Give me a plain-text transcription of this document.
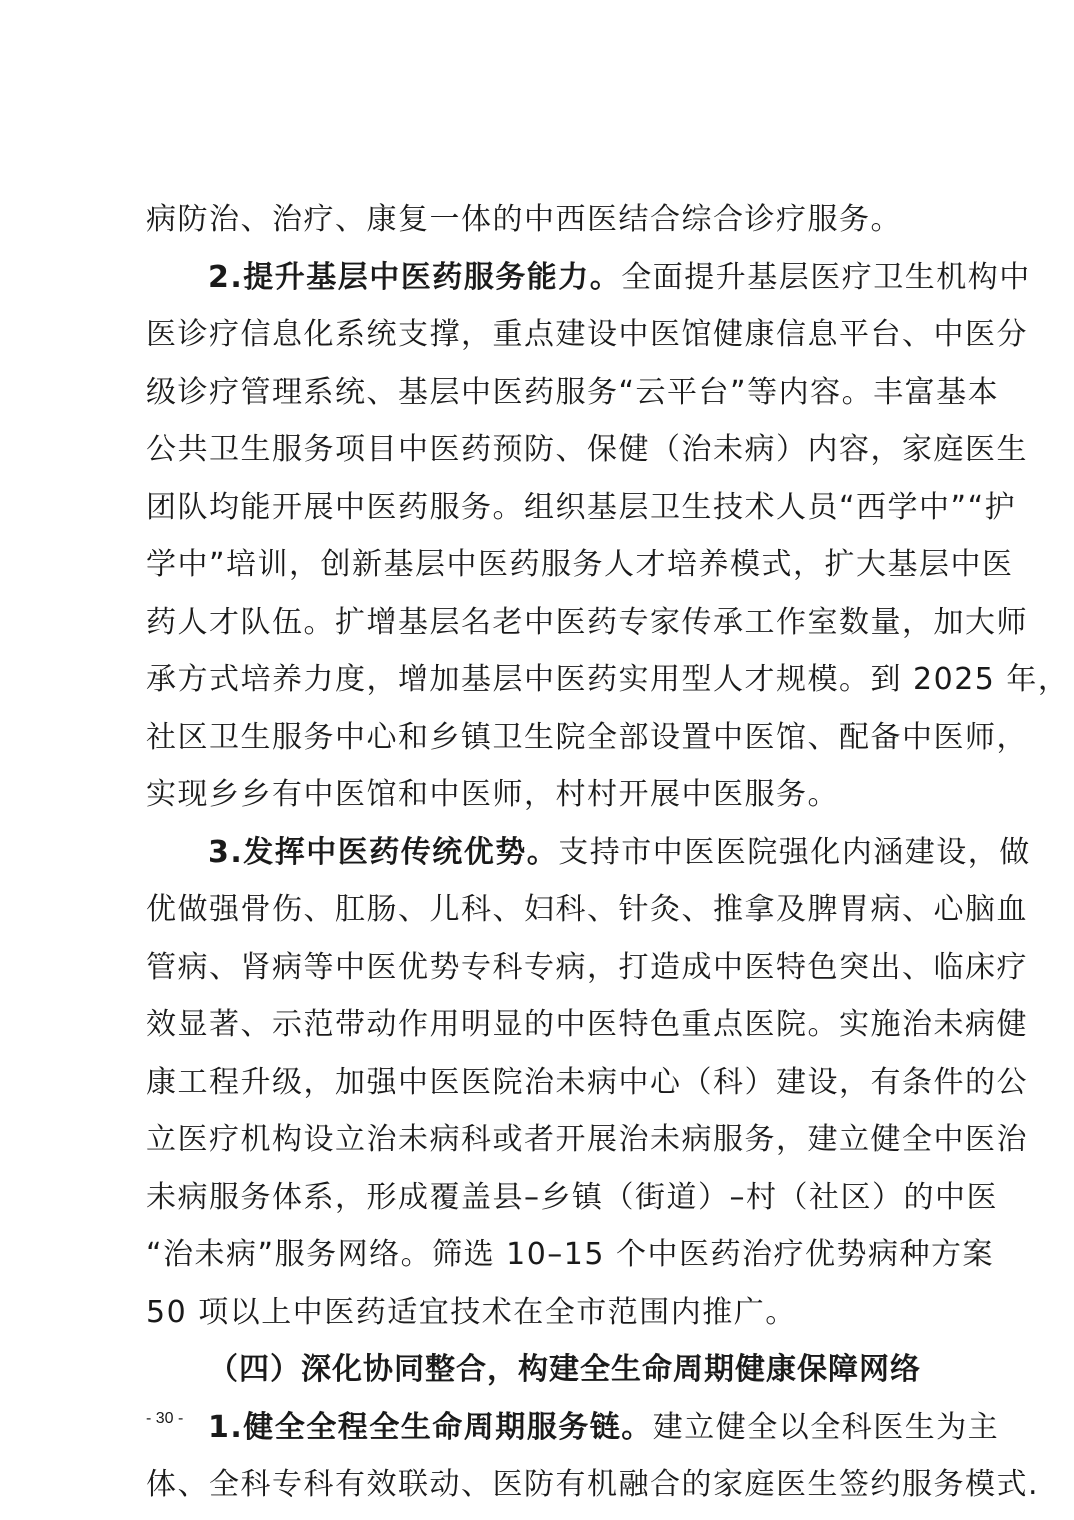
病防治、治疗、康复一体的中西医结合综合诊疗服务。
2.提升基层中医药服务能力。全面提升基层医疗卫生机构中
医诊疗信息化系统支撑，重点建设中医馆健康信息平台、中医分
级诊疗管理系统、基层中医药服务“云平台”等内容。丰富基本
公共卫生服务项目中医药预防、保健（治未病）内容，家庭医生
团队均能开展中医药服务。组织基层卫生技术人员“西学中”“护
学中”培训，创新基层中医药服务人才培养模式，扩大基层中医
药人才队伍。扩增基层名老中医药专家传承工作室数量，加大师
承方式培养力度，增加基层中医药实用型人才规模。到 2025 年，
社区卫生服务中心和乡镇卫生院全部设置中医馆、配备中医师，
实现乡乡有中医馆和中医师，村村开展中医服务。
3.发挥中医药传统优势。支持市中医医院强化内涵建设，做
优做强骨伤、肛肠、儿科、妇科、针灸、推拿及脾胃病、心脑血
管病、肾病等中医优势专科专病，打造成中医特色突出、临床疗
效显著、示范带动作用明显的中医特色重点医院。实施治未病健
康工程升级，加强中医医院治未病中心（科）建设，有条件的公
立医疗机构设立治未病科或者开展治未病服务，建立健全中医治
未病服务体系，形成覆盖县–乡镇（街道）–村（社区）的中医
“治未病”服务网络。筛选 10–15 个中医药治疗优势病种方案
50 项以上中医药适宜技术在全市范围内推广。
（四）深化协同整合，构建全生命周期健康保障网络
1.健全全程全生命周期服务链。建立健全以全科医生为主
体、全科专科有效联动、医防有机融合的家庭医生签约服务模式.
- 30 -
